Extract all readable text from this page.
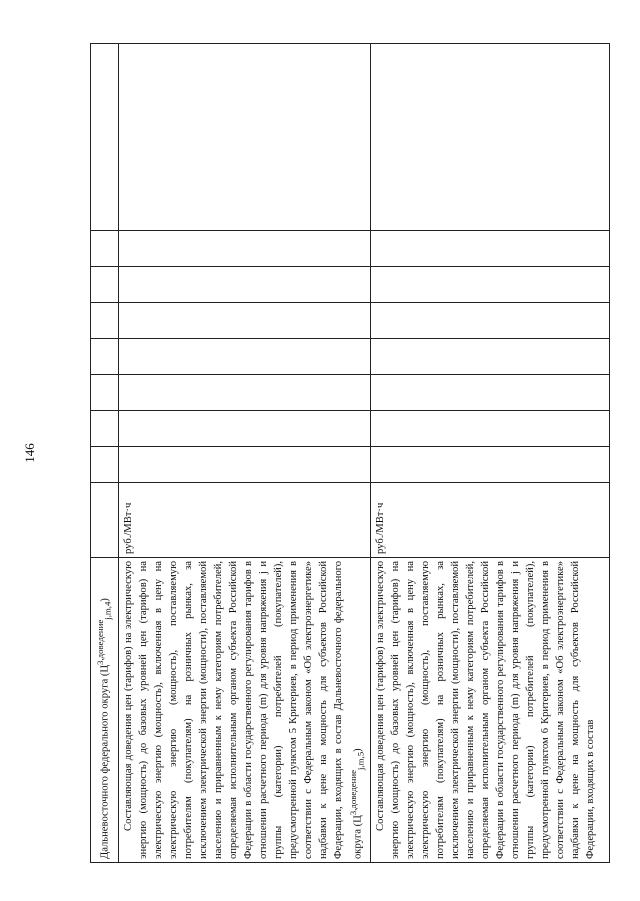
146
Дальневосточного федерального округа $(Ц^{3,доведение}_{j,m,4})$									

Составляющая доведения цен (тарифов) на электрическую энергию (мощность) до базовых уровней цен (тарифов) на электрическую энергию (мощность), включенная в цену на электрическую энергию (мощность), поставляемую потребителям (покупателям) на розничных рынках, за исключением электрической энергии (мощности), поставляемой населению и приравненным к нему категориям потребителей, определяемая исполнительным органом субъекта Российской Федерации в области государственного регулирования тарифов в отношении расчетного периода (m) для уровня напряжения j и группы (категории) потребителей (покупателей), предусмотренной пунктом 5 Критериев, в период применения в соответствии с Федеральным законом «Об электроэнергетике» надбавки к цене на мощность для субъектов Российской Федерации, входящих в состав Дальневосточного федерального округа $(Ц^{3,доведение}_{j,m,5})$	руб./МВт·ч								

Составляющая доведения цен (тарифов) на электрическую энергию (мощность) до базовых уровней цен (тарифов) на электрическую энергию (мощность), включенная в цену на электрическую энергию (мощность), поставляемую потребителям (покупателям) на розничных рынках, за исключением электрической энергии (мощности), поставляемой населению и приравненным к нему категориям потребителей, определяемая исполнительным органом субъекта Российской Федерации в области государственного регулирования тарифов в отношении расчетного периода (m) для уровня напряжения j и группы (категории) потребителей (покупателей), предусмотренной пунктом 6 Критериев, в период применения в соответствии с Федеральным законом «Об электроэнергетике» надбавки к цене на мощность для субъектов Российской Федерации, входящих в состав	руб./МВт·ч								
